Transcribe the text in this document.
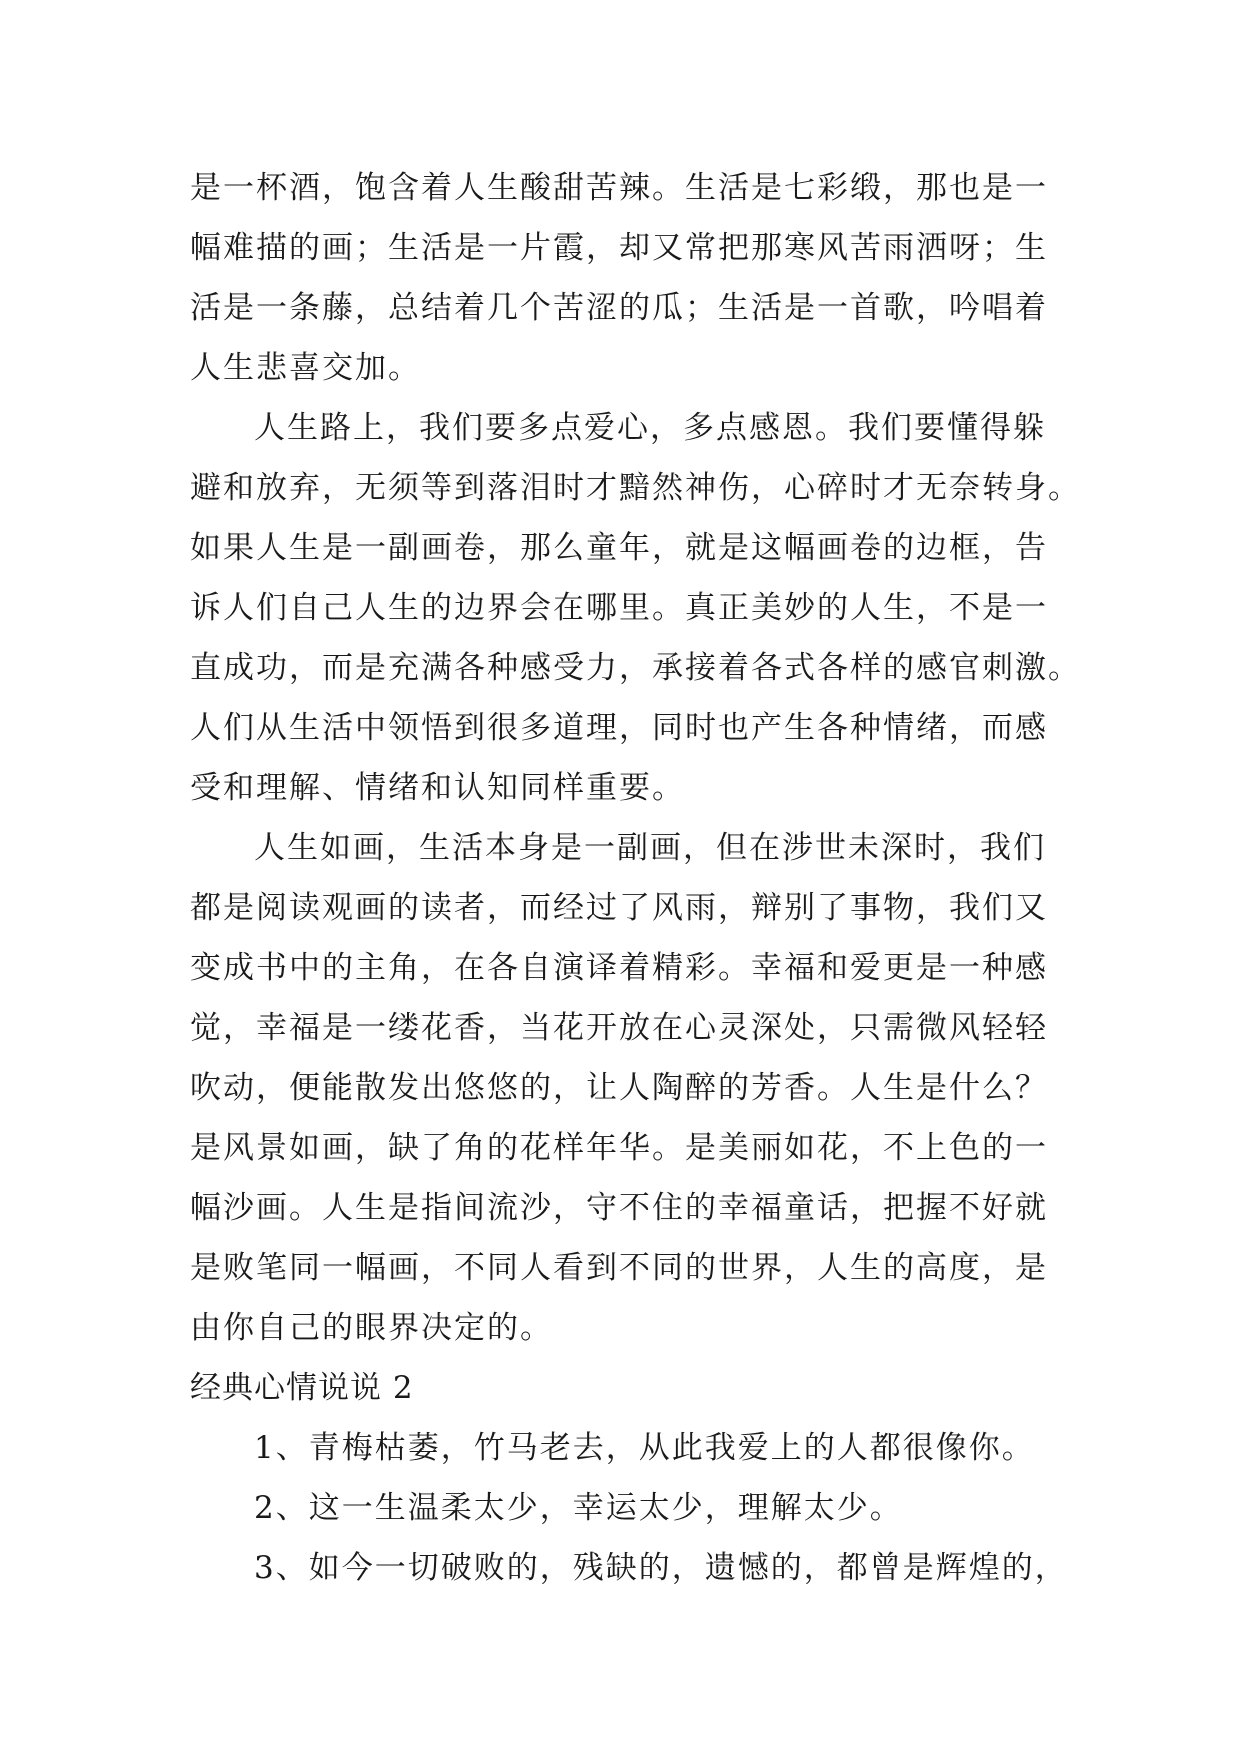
是一杯酒，饱含着人生酸甜苦辣。生活是七彩缎，那也是一
幅难描的画；生活是一片霞，却又常把那寒风苦雨洒呀；生
活是一条藤，总结着几个苦涩的瓜；生活是一首歌，吟唱着
人生悲喜交加。
人生路上，我们要多点爱心，多点感恩。我们要懂得躲
避和放弃，无须等到落泪时才黯然神伤，心碎时才无奈转身。
如果人生是一副画卷，那么童年，就是这幅画卷的边框，告
诉人们自己人生的边界会在哪里。真正美妙的人生，不是一
直成功，而是充满各种感受力，承接着各式各样的感官刺激。
人们从生活中领悟到很多道理，同时也产生各种情绪，而感
受和理解、情绪和认知同样重要。
人生如画，生活本身是一副画，但在涉世未深时，我们
都是阅读观画的读者，而经过了风雨，辩别了事物，我们又
变成书中的主角，在各自演译着精彩。幸福和爱更是一种感
觉，幸福是一缕花香，当花开放在心灵深处，只需微风轻轻
吹动，便能散发出悠悠的，让人陶醉的芳香。人生是什么？
是风景如画，缺了角的花样年华。是美丽如花，不上色的一
幅沙画。人生是指间流沙，守不住的幸福童话，把握不好就
是败笔同一幅画，不同人看到不同的世界，人生的高度，是
由你自己的眼界决定的。
经典心情说说 2
1、青梅枯萎，竹马老去，从此我爱上的人都很像你。
2、这一生温柔太少，幸运太少，理解太少。
3、如今一切破败的，残缺的，遗憾的，都曾是辉煌的，
